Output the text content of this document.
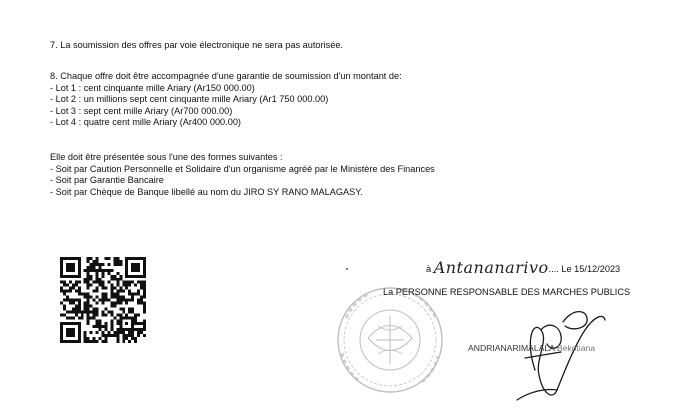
7. La soumission des offres par voie électronique ne sera pas autorisée.
8. Chaque offre doit être accompagnée d'une garantie de soumission d'un montant de:
- Lot 1 : cent cinquante mille Ariary (Ar150 000.00)
- Lot 2 : un millions sept cent cinquante mille Ariary (Ar1 750 000.00)
- Lot 3 : sept cent mille Ariary (Ar700 000.00)
- Lot 4 : quatre cent mille Ariary (Ar400 000.00)
Elle doit être présentée sous l'une des formes suivantes :
- Soit par Caution Personnelle et Solidaire d'un organisme agréé par le Ministère des Finances
- Soit par Garantie Bancaire
- Soit par Chèque de Banque libellé au nom du JIRO SY RANO MALAGASY.
à Antananarivo.... Le 15/12/2023
La PERSONNE RESPONSABLE DES MARCHES PUBLICS
ANDRIANARIMALALA Bekotiana
